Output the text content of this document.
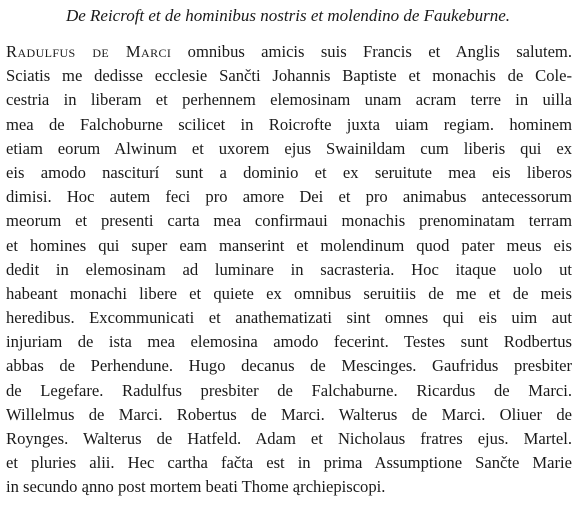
De Reicroft et de hominibus nostris et molendino de Faukeburne.
Radulfus de Marci omnibus amicis suis Francis et Anglis salutem.
Sciatis me dedisse ecclesie Sančti Johannis Baptiste et monachis de Cole-
cestria in liberam et perhennem elemosinam unam acram terre in uilla
mea de Falchoburne scilicet in Roicrofte juxta uiam regiam. hominem
etiam eorum Alwinum et uxorem ejus Swainildam cum liberis qui ex
eis amodo nasciturí sunt a dominio et ex seruitute mea eis liberos
dimisi. Hoc autem feci pro amore Dei et pro animabus antecessorum
meorum et presenti carta mea confirmaui monachis prenominatam terram
et homines qui super eam manserint et molendinum quod pater meus eis
dedit in elemosinam ad luminare in sacrasteria. Hoc itaque uolo ut
habeant monachi libere et quiete ex omnibus seruitiis de me et de meis
heredibus. Excommunicati et anathematizati sint omnes qui eis uim aut
injuriam de ista mea elemosina amodo fecerint. Testes sunt Rodbertus
abbas de Perhendune. Hugo decanus de Mescinges. Gaufridus presbiter
de Legefare. Radulfus presbiter de Falchaburne. Ricardus de Marci.
Willelmus de Marci. Robertus de Marci. Walterus de Marci. Oliuer de
Roynges. Walterus de Hatfeld. Adam et Nicholaus fratres ejus. Martel.
et pluries alii. Hec cartha fačta est in prima Assumptione Sančte Marie
in secundo ąnno post mortem beati Thome ąrchiepiscopi.
